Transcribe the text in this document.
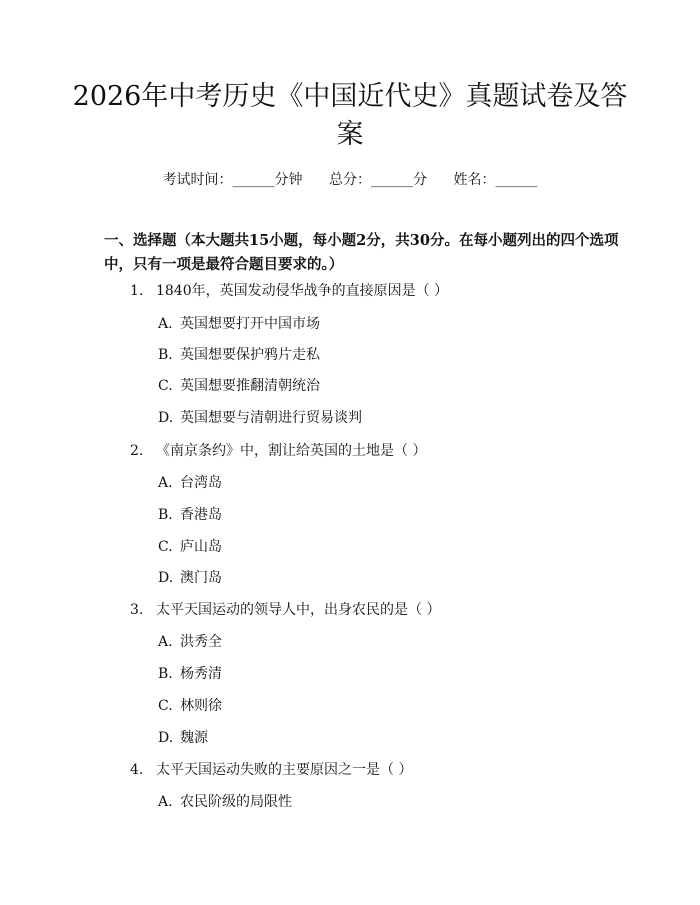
2026年中考历史《中国近代史》真题试卷及答案
考试时间：______分钟 总分：______分 姓名：______

一、选择题（本大题共15小题，每小题2分，共30分。在每小题列出的四个选项中，只有一项是最符合题目要求的。）

1. 1840年，英国发动侵华战争的直接原因是（ ）
A. 英国想要打开中国市场
B. 英国想要保护鸦片走私
C. 英国想要推翻清朝统治
D. 英国想要与清朝进行贸易谈判
2. 《南京条约》中，割让给英国的土地是（ ）
A. 台湾岛
B. 香港岛
C. 庐山岛
D. 澳门岛
3. 太平天国运动的领导人中，出身农民的是（ ）
A. 洪秀全
B. 杨秀清
C. 林则徐
D. 魏源
4. 太平天国运动失败的主要原因之一是（ ）
A. 农民阶级的局限性
